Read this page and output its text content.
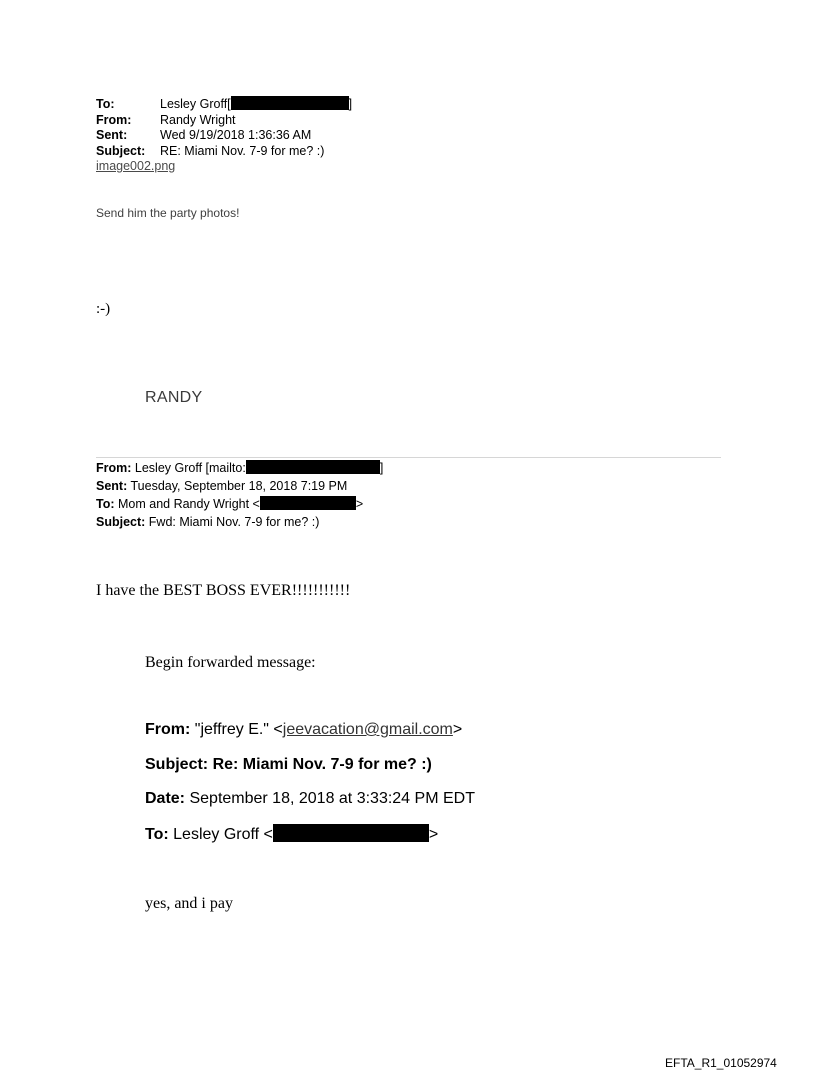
To:	Lesley Groff[	]
From: Randy Wright
Sent:	Wed 9/19/2018 1:36:36 AM
Subject: RE: Miami Nov. 7-9 for me? :)
image002.png
Send him the party photos!
:-)
RANDY
From: Lesley Groff [mailto:	]
Sent: Tuesday, September 18, 2018 7:19 PM
To: Mom and Randy Wright <	>
Subject: Fwd: Miami Nov. 7-9 for me? :)
I have the BEST BOSS EVER!!!!!!!!!!!
Begin forwarded message:
From: "jeffrey E." <jeevacation@gmail.com>
Subject: Re: Miami Nov. 7-9 for me? :)
Date: September 18, 2018 at 3:33:24 PM EDT
To: Lesley Groff <	>
yes, and i pay
EFTA_R1_01052974
